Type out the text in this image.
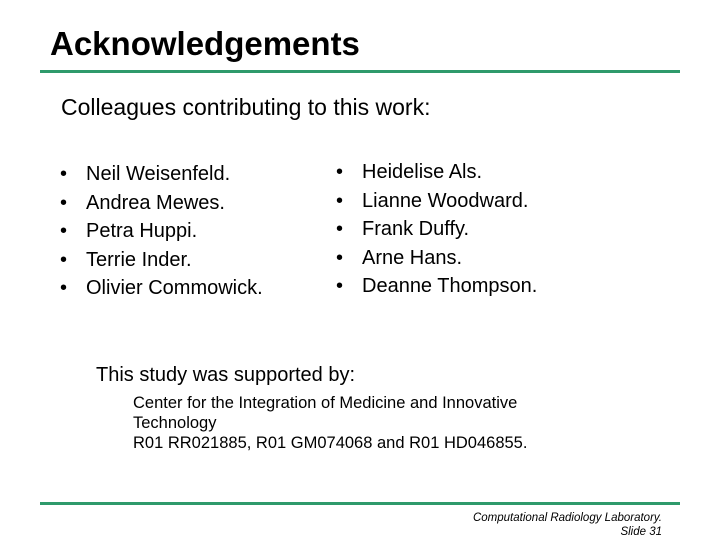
Acknowledgements
Colleagues contributing to this work:
• Neil Weisenfeld.
• Andrea Mewes.
• Petra Huppi.
• Terrie Inder.
• Olivier Commowick.
• Heidelise Als.
• Lianne Woodward.
• Frank Duffy.
• Arne Hans.
• Deanne Thompson.
This study was supported by:
Center for the Integration of Medicine and Innovative
Technology
R01 RR021885, R01 GM074068 and R01 HD046855.
Computational Radiology Laboratory.
Slide 31
